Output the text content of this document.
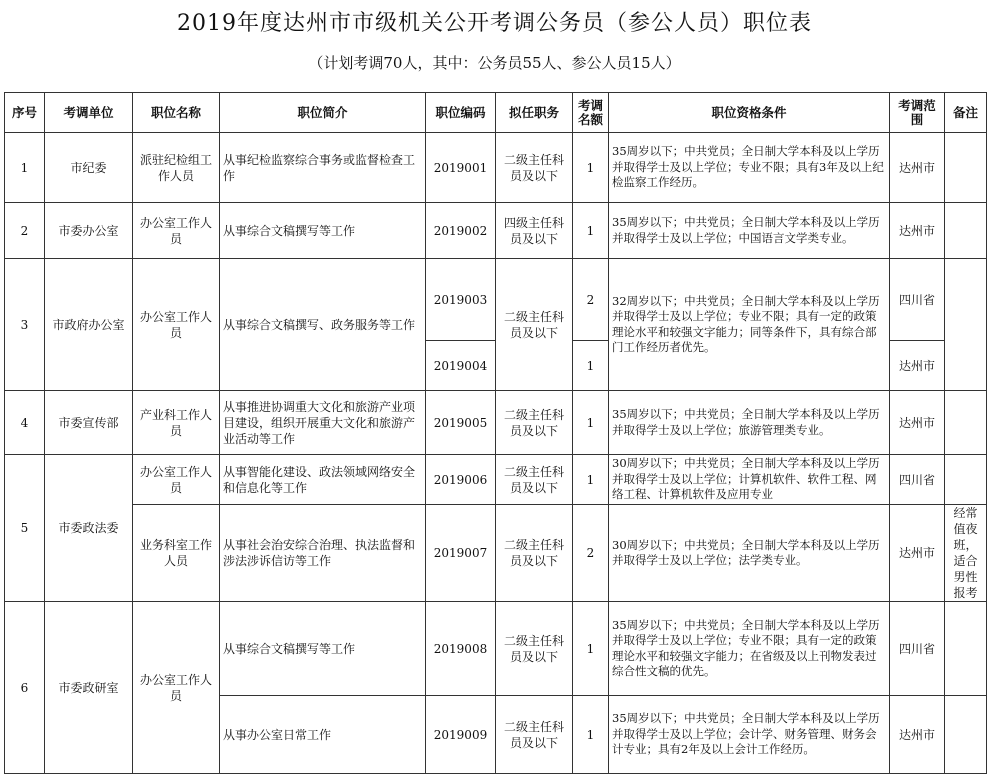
2019年度达州市市级机关公开考调公务员（参公人员）职位表
（计划考调70人，其中：公务员55人、参公人员15人）
序号	考调单位	职位名称	职位简介	职位编码	拟任职务	考调名额	职位资格条件	考调范围	备注
1	市纪委	派驻纪检组工作人员	从事纪检监察综合事务或监督检查工作	2019001	二级主任科员及以下	1	35周岁以下；中共党员；全日制大学本科及以上学历并取得学士及以上学位；专业不限；具有3年及以上纪检监察工作经历。	达州市	
2	市委办公室	办公室工作人员	从事综合文稿撰写等工作	2019002	四级主任科员及以下	1	35周岁以下；中共党员；全日制大学本科及以上学历并取得学士及以上学位；中国语言文学类专业。	达州市	
3	市政府办公室	办公室工作人员	从事综合文稿撰写、政务服务等工作	2019003	二级主任科员及以下	2	32周岁以下；中共党员；全日制大学本科及以上学历并取得学士及以上学位；专业不限；具有一定的政策理论水平和较强文字能力；同等条件下，具有综合部门工作经历者优先。	四川省	
				2019004		1		达州市	
4	市委宣传部	产业科工作人员	从事推进协调重大文化和旅游产业项目建设，组织开展重大文化和旅游产业活动等工作	2019005	二级主任科员及以下	1	35周岁以下；中共党员；全日制大学本科及以上学历并取得学士及以上学位；旅游管理类专业。	达州市	
5	市委政法委	办公室工作人员	从事智能化建设、政法领域网络安全和信息化等工作	2019006	二级主任科员及以下	1	30周岁以下；中共党员；全日制大学本科及以上学历并取得学士及以上学位；计算机软件、软件工程、网络工程、计算机软件及应用专业	四川省	
		业务科室工作人员	从事社会治安综合治理、执法监督和涉法涉诉信访等工作	2019007	二级主任科员及以下	2	30周岁以下；中共党员；全日制大学本科及以上学历并取得学士及以上学位；法学类专业。	达州市	经常值夜班，适合男性报考
6	市委政研室	办公室工作人员	从事综合文稿撰写等工作	2019008	二级主任科员及以下	1	35周岁以下；中共党员；全日制大学本科及以上学历并取得学士及以上学位；专业不限；具有一定的政策理论水平和较强文字能力；在省级及以上刊物发表过综合性文稿的优先。	四川省	
			从事办公室日常工作	2019009	二级主任科员及以下	1	35周岁以下；中共党员；全日制大学本科及以上学历并取得学士及以上学位；会计学、财务管理、财务会计专业；具有2年及以上会计工作经历。	达州市	
